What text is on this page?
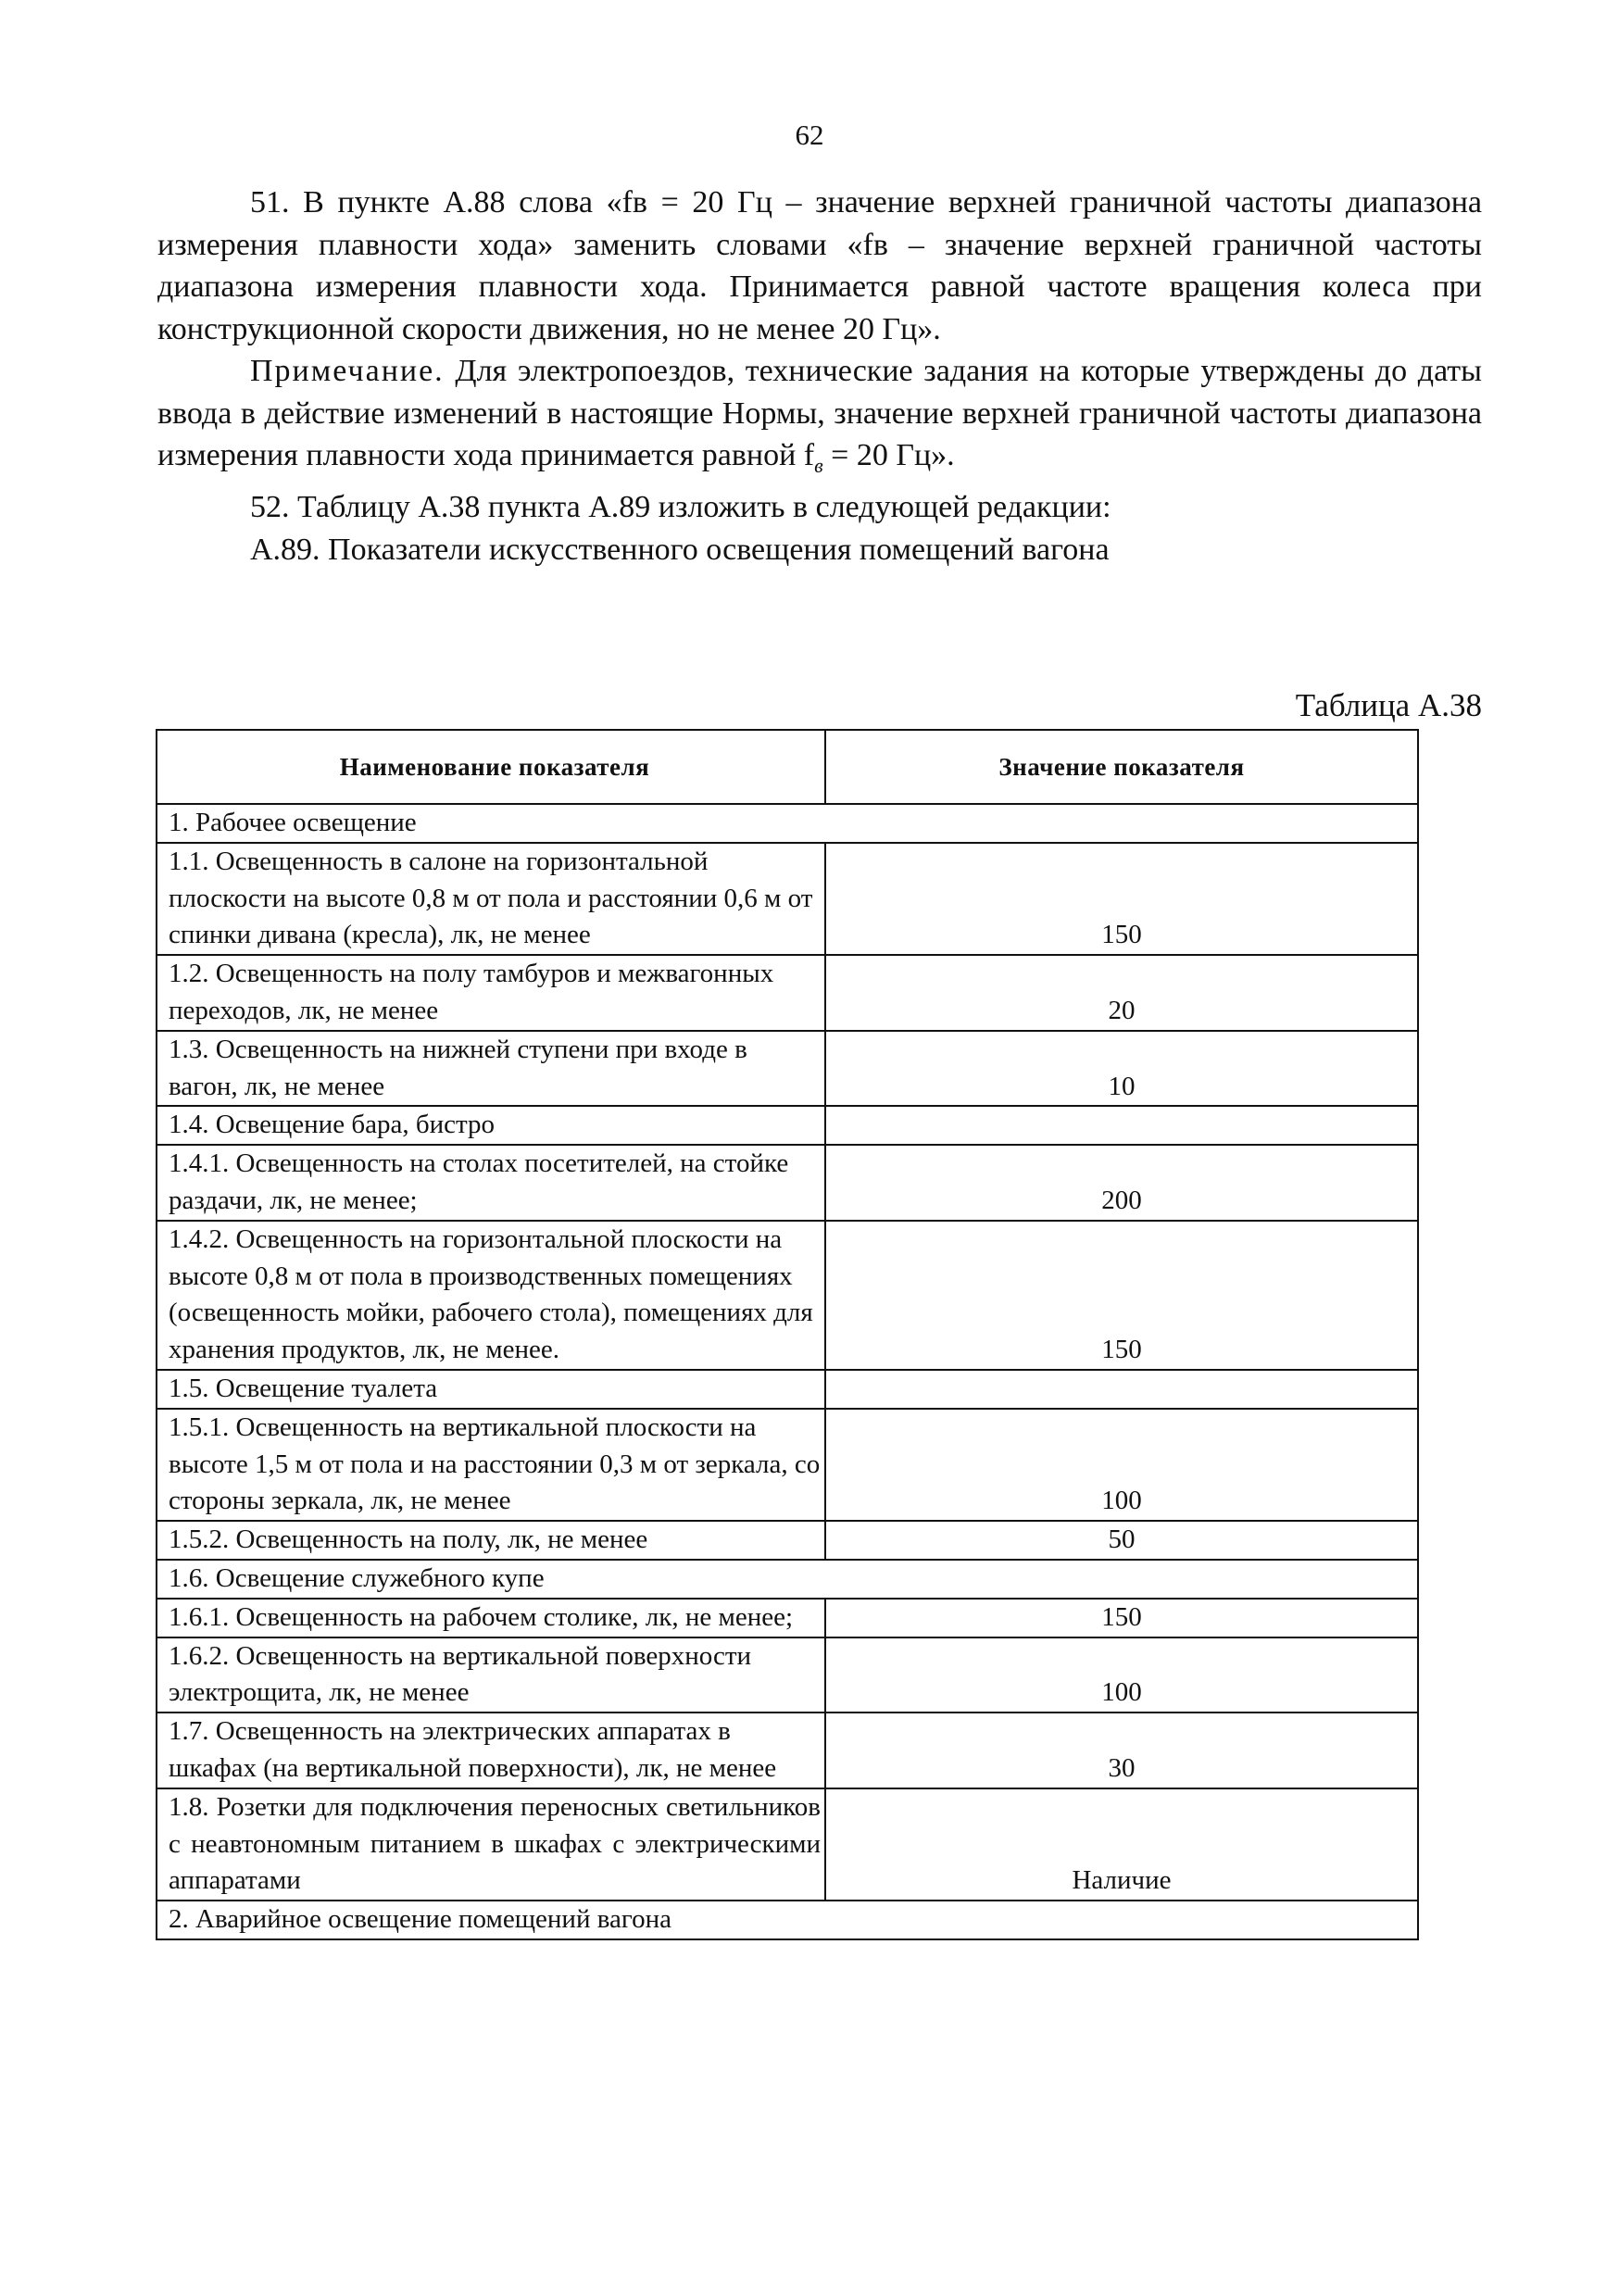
62

51. В пункте А.88 слова «fв = 20 Гц – значение верхней граничной частоты диапазона измерения плавности хода» заменить словами «fв – значение верхней граничной частоты диапазона измерения плавности хода. Принимается равной частоте вращения колеса при конструкционной скорости движения, но не менее 20 Гц».

Примечание. Для электропоездов, технические задания на которые утверждены до даты ввода в действие изменений в настоящие Нормы, значение верхней граничной частоты диапазона измерения плавности хода принимается равной $f_в = 20$ Гц».

52. Таблицу А.38 пункта А.89 изложить в следующей редакции:

А.89. Показатели искусственного освещения помещений вагона

Таблица А.38
Наименование показателя	Значение показателя
1. Рабочее освещение	
1.1. Освещенность в салоне на горизонтальной плоскости на высоте 0,8 м от пола и расстоянии 0,6 м от спинки дивана (кресла), лк, не менее	150
1.2. Освещенность на полу тамбуров и межвагонных переходов, лк, не менее	20
1.3. Освещенность на нижней ступени при входе в вагон, лк, не менее	10
1.4. Освещение бара, бистро	
1.4.1. Освещенность на столах посетителей, на стойке раздачи, лк, не менее;	200
1.4.2. Освещенность на горизонтальной плоскости на высоте 0,8 м от пола в производственных помещениях (освещенность мойки, рабочего стола), помещениях для хранения продуктов, лк, не менее.	150
1.5. Освещение туалета	
1.5.1. Освещенность на вертикальной плоскости на высоте 1,5 м от пола и на расстоянии 0,3 м от зеркала, со стороны зеркала, лк, не менее	100
1.5.2. Освещенность на полу, лк, не менее	50
1.6. Освещение служебного купе	
1.6.1. Освещенность на рабочем столике, лк, не менее;	150
1.6.2. Освещенность на вертикальной поверхности электрощита, лк, не менее	100
1.7. Освещенность на электрических аппаратах в шкафах (на вертикальной поверхности), лк, не менее	30
1.8. Розетки для подключения переносных светильников с неавтономным питанием в шкафах с электрическими аппаратами	Наличие
2. Аварийное освещение помещений вагона	
